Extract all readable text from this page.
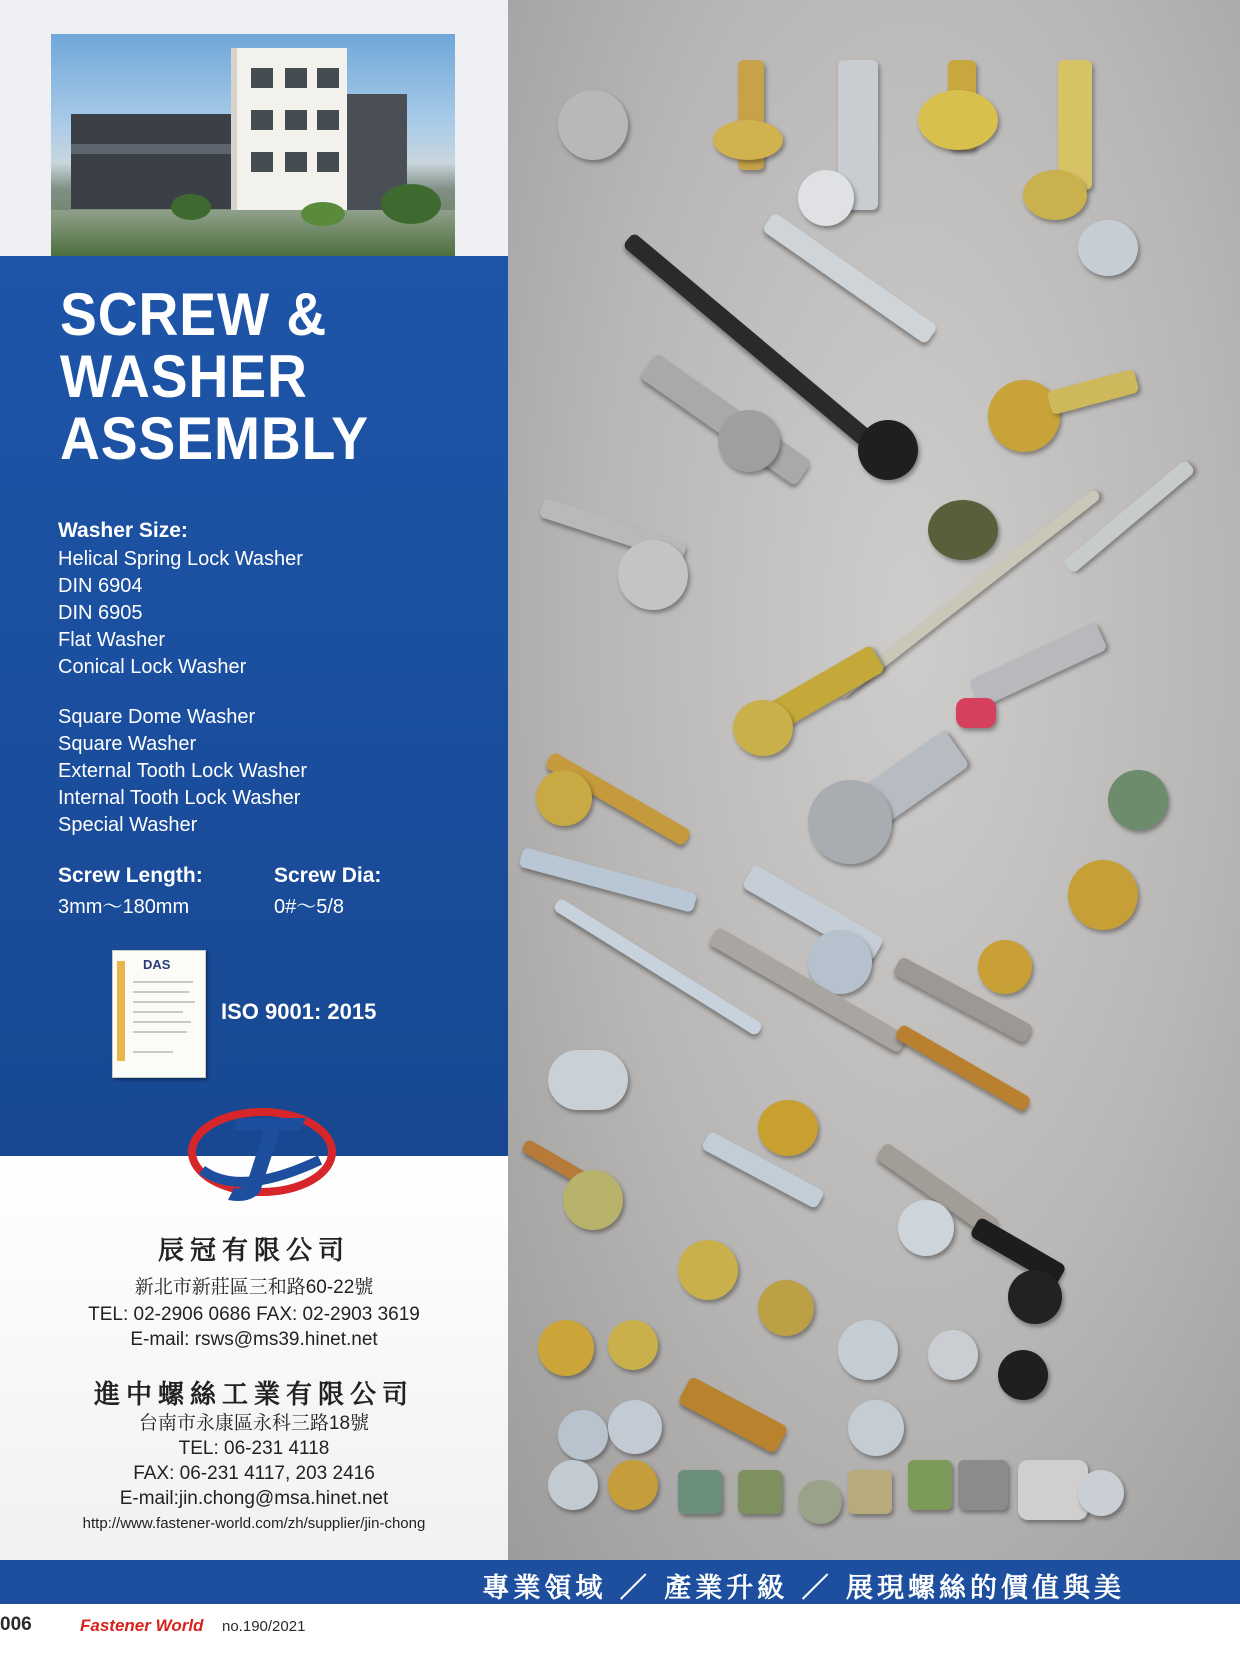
SCREW &
WASHER
ASSEMBLY
Washer Size:
Helical Spring Lock Washer
DIN 6904
DIN 6905
Flat Washer
Conical Lock Washer
Square Dome Washer
Square Washer
External Tooth Lock Washer
Internal Tooth Lock Washer
Special Washer
Screw Length:
3mm～180mm
Screw Dia:
0#～5/8
DAS
ISO 9001: 2015
辰冠有限公司
新北市新莊區三和路60-22號
TEL: 02-2906 0686 FAX: 02-2903 3619
E-mail: rsws@ms39.hinet.net
進中螺絲工業有限公司
台南市永康區永科三路18號
TEL: 06-231 4118
FAX: 06-231 4117, 203 2416
E-mail:jin.chong@msa.hinet.net
http://www.fastener-world.com/zh/supplier/jin-chong
專業領域 ／ 產業升級 ／ 展現螺絲的價值與美
006	Fastener World no.190/2021
